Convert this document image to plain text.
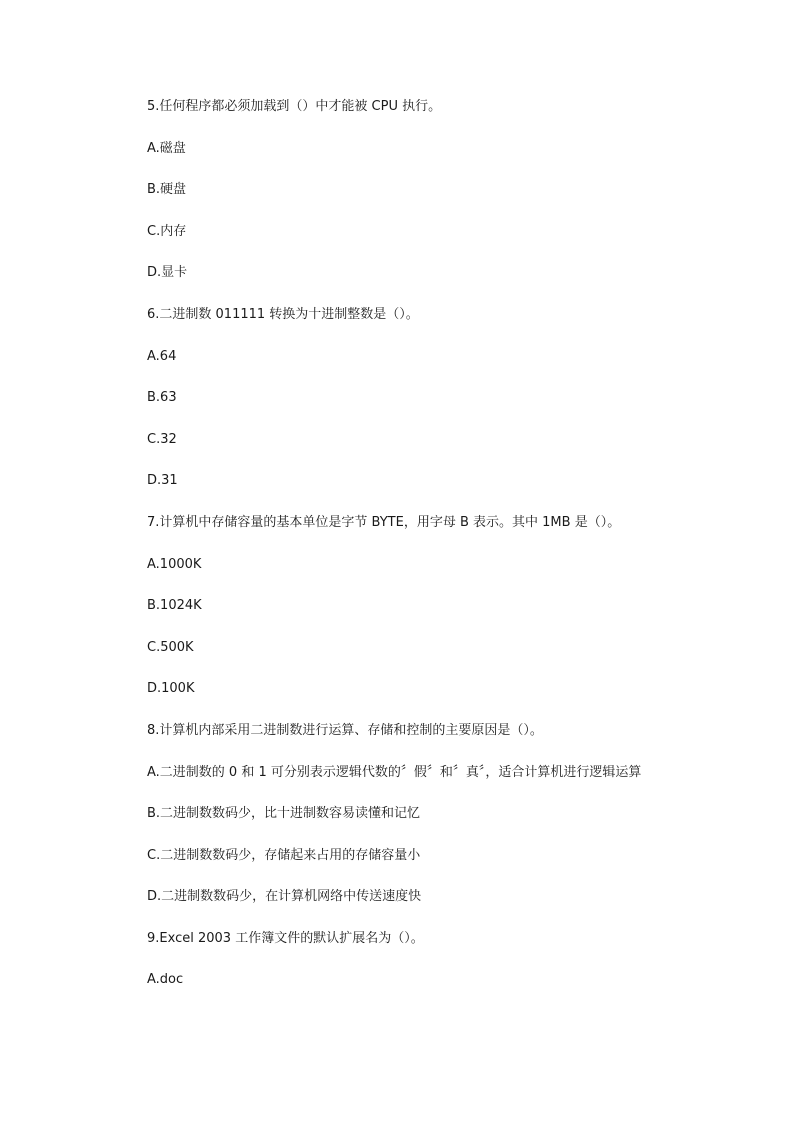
5.任何程序都必须加载到（）中才能被 CPU 执行。
A.磁盘
B.硬盘
C.内存
D.显卡
6.二进制数 011111 转换为十进制整数是（）。
A.64
B.63
C.32
D.31
7.计算机中存储容量的基本单位是字节 BYTE，用字母 B 表示。其中 1MB 是（）。
A.1000K
B.1024K
C.500K
D.100K
8.计算机内部采用二进制数进行运算、存储和控制的主要原因是（）。
A.二进制数的 0 和 1 可分别表示逻辑代数的〞假〞和〞真〞，适合计算机进行逻辑运算
B.二进制数数码少，比十进制数容易读懂和记忆
C.二进制数数码少，存储起来占用的存储容量小
D.二进制数数码少，在计算机网络中传送速度快
9.Excel 2003 工作簿文件的默认扩展名为（）。
A.doc
